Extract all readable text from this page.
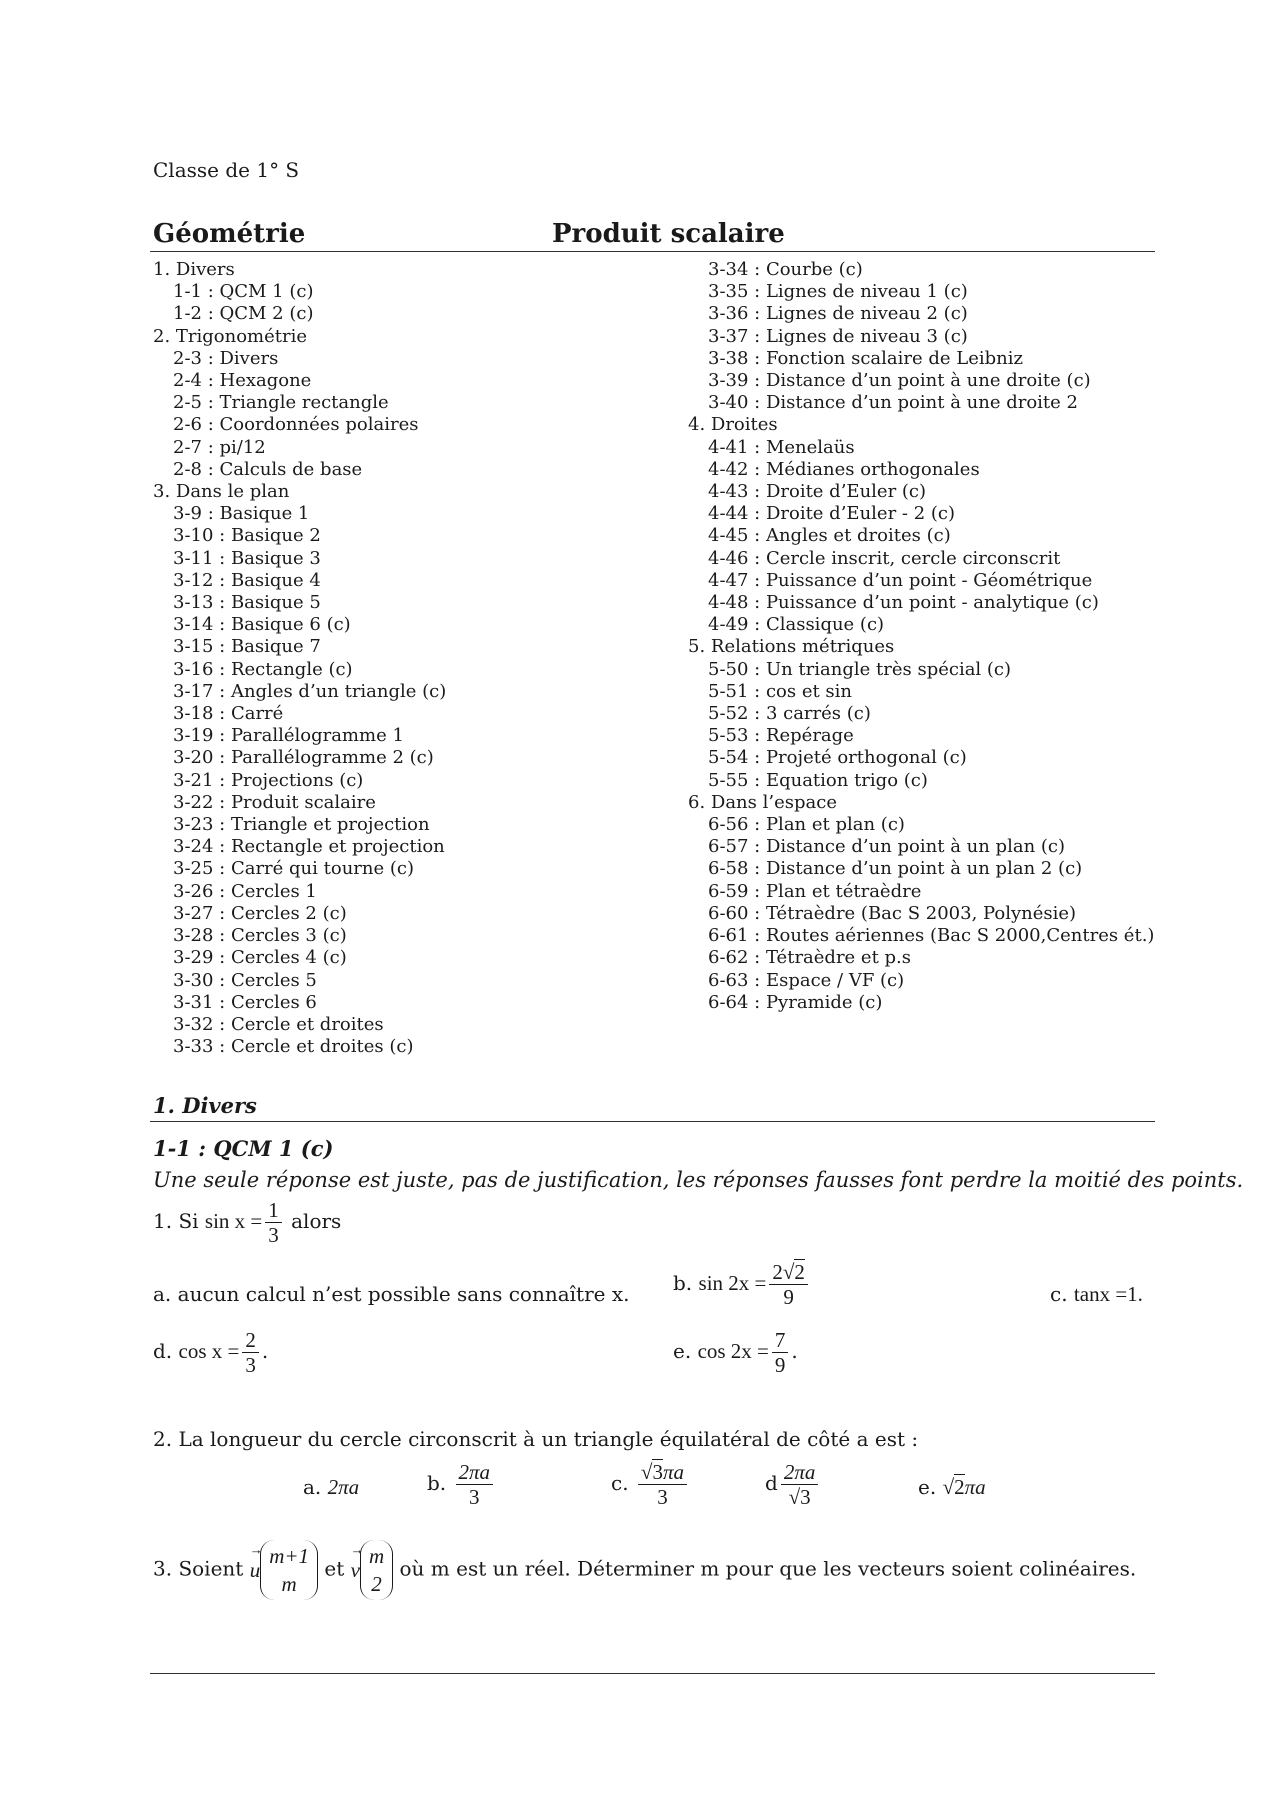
Classe de 1° S
Géométrie	Produit scalaire
1. Divers
1-1 : QCM 1 (c)
1-2 : QCM 2 (c)
2. Trigonométrie
2-3 : Divers
2-4 : Hexagone
2-5 : Triangle rectangle
2-6 : Coordonnées polaires
2-7 : pi/12
2-8 : Calculs de base
3. Dans le plan
3-9 : Basique 1
3-10 : Basique 2
3-11 : Basique 3
3-12 : Basique 4
3-13 : Basique 5
3-14 : Basique 6 (c)
3-15 : Basique 7
3-16 : Rectangle (c)
3-17 : Angles d’un triangle (c)
3-18 : Carré
3-19 : Parallélogramme 1
3-20 : Parallélogramme 2 (c)
3-21 : Projections (c)
3-22 : Produit scalaire
3-23 : Triangle et projection
3-24 : Rectangle et projection
3-25 : Carré qui tourne (c)
3-26 : Cercles 1
3-27 : Cercles 2 (c)
3-28 : Cercles 3 (c)
3-29 : Cercles 4 (c)
3-30 : Cercles 5
3-31 : Cercles 6
3-32 : Cercle et droites
3-33 : Cercle et droites (c)
3-34 : Courbe (c)
3-35 : Lignes de niveau 1 (c)
3-36 : Lignes de niveau 2 (c)
3-37 : Lignes de niveau 3 (c)
3-38 : Fonction scalaire de Leibniz
3-39 : Distance d’un point à une droite (c)
3-40 : Distance d’un point à une droite 2
4. Droites
4-41 : Menelaüs
4-42 : Médianes orthogonales
4-43 : Droite d’Euler (c)
4-44 : Droite d’Euler - 2 (c)
4-45 : Angles et droites (c)
4-46 : Cercle inscrit, cercle circonscrit
4-47 : Puissance d’un point - Géométrique
4-48 : Puissance d’un point - analytique (c)
4-49 : Classique (c)
5. Relations métriques
5-50 : Un triangle très spécial (c)
5-51 : cos et sin
5-52 : 3 carrés (c)
5-53 : Repérage
5-54 : Projeté orthogonal (c)
5-55 : Equation trigo (c)
6. Dans l’espace
6-56 : Plan et plan (c)
6-57 : Distance d’un point à un plan (c)
6-58 : Distance d’un point à un plan 2 (c)
6-59 : Plan et tétraèdre
6-60 : Tétraèdre (Bac S 2003, Polynésie)
6-61 : Routes aériennes (Bac S 2000,Centres ét.)
6-62 : Tétraèdre et p.s
6-63 : Espace / VF (c)
6-64 : Pyramide (c)
1. Divers
1-1 : QCM 1 (c)
Une seule réponse est juste, pas de justification, les réponses fausses font perdre la moitié des points.
1. Si $\sin x = \frac{1}{3}$ alors
a. aucun calcul n’est possible sans connaître x. b. $\sin 2x = \frac{2√2}{9}$	c. tanx =1.
d. $\cos x = \frac{2}{3}$ .	e. $\cos 2x = \frac{7}{9}$ .
2. La longueur du cercle circonscrit à un triangle équilatéral de côté a est :
a. 2πa	b. $\frac{2\pi a}{3}$	c. $\frac{√3\pi a}{3}$	d $\frac{2\pi a}{√3}$	e. √2πa
3. Soient
→
u
m+1
m
et
→
v
m
2
où m est un réel. Déterminer m pour que les vecteurs soient colinéaires.
